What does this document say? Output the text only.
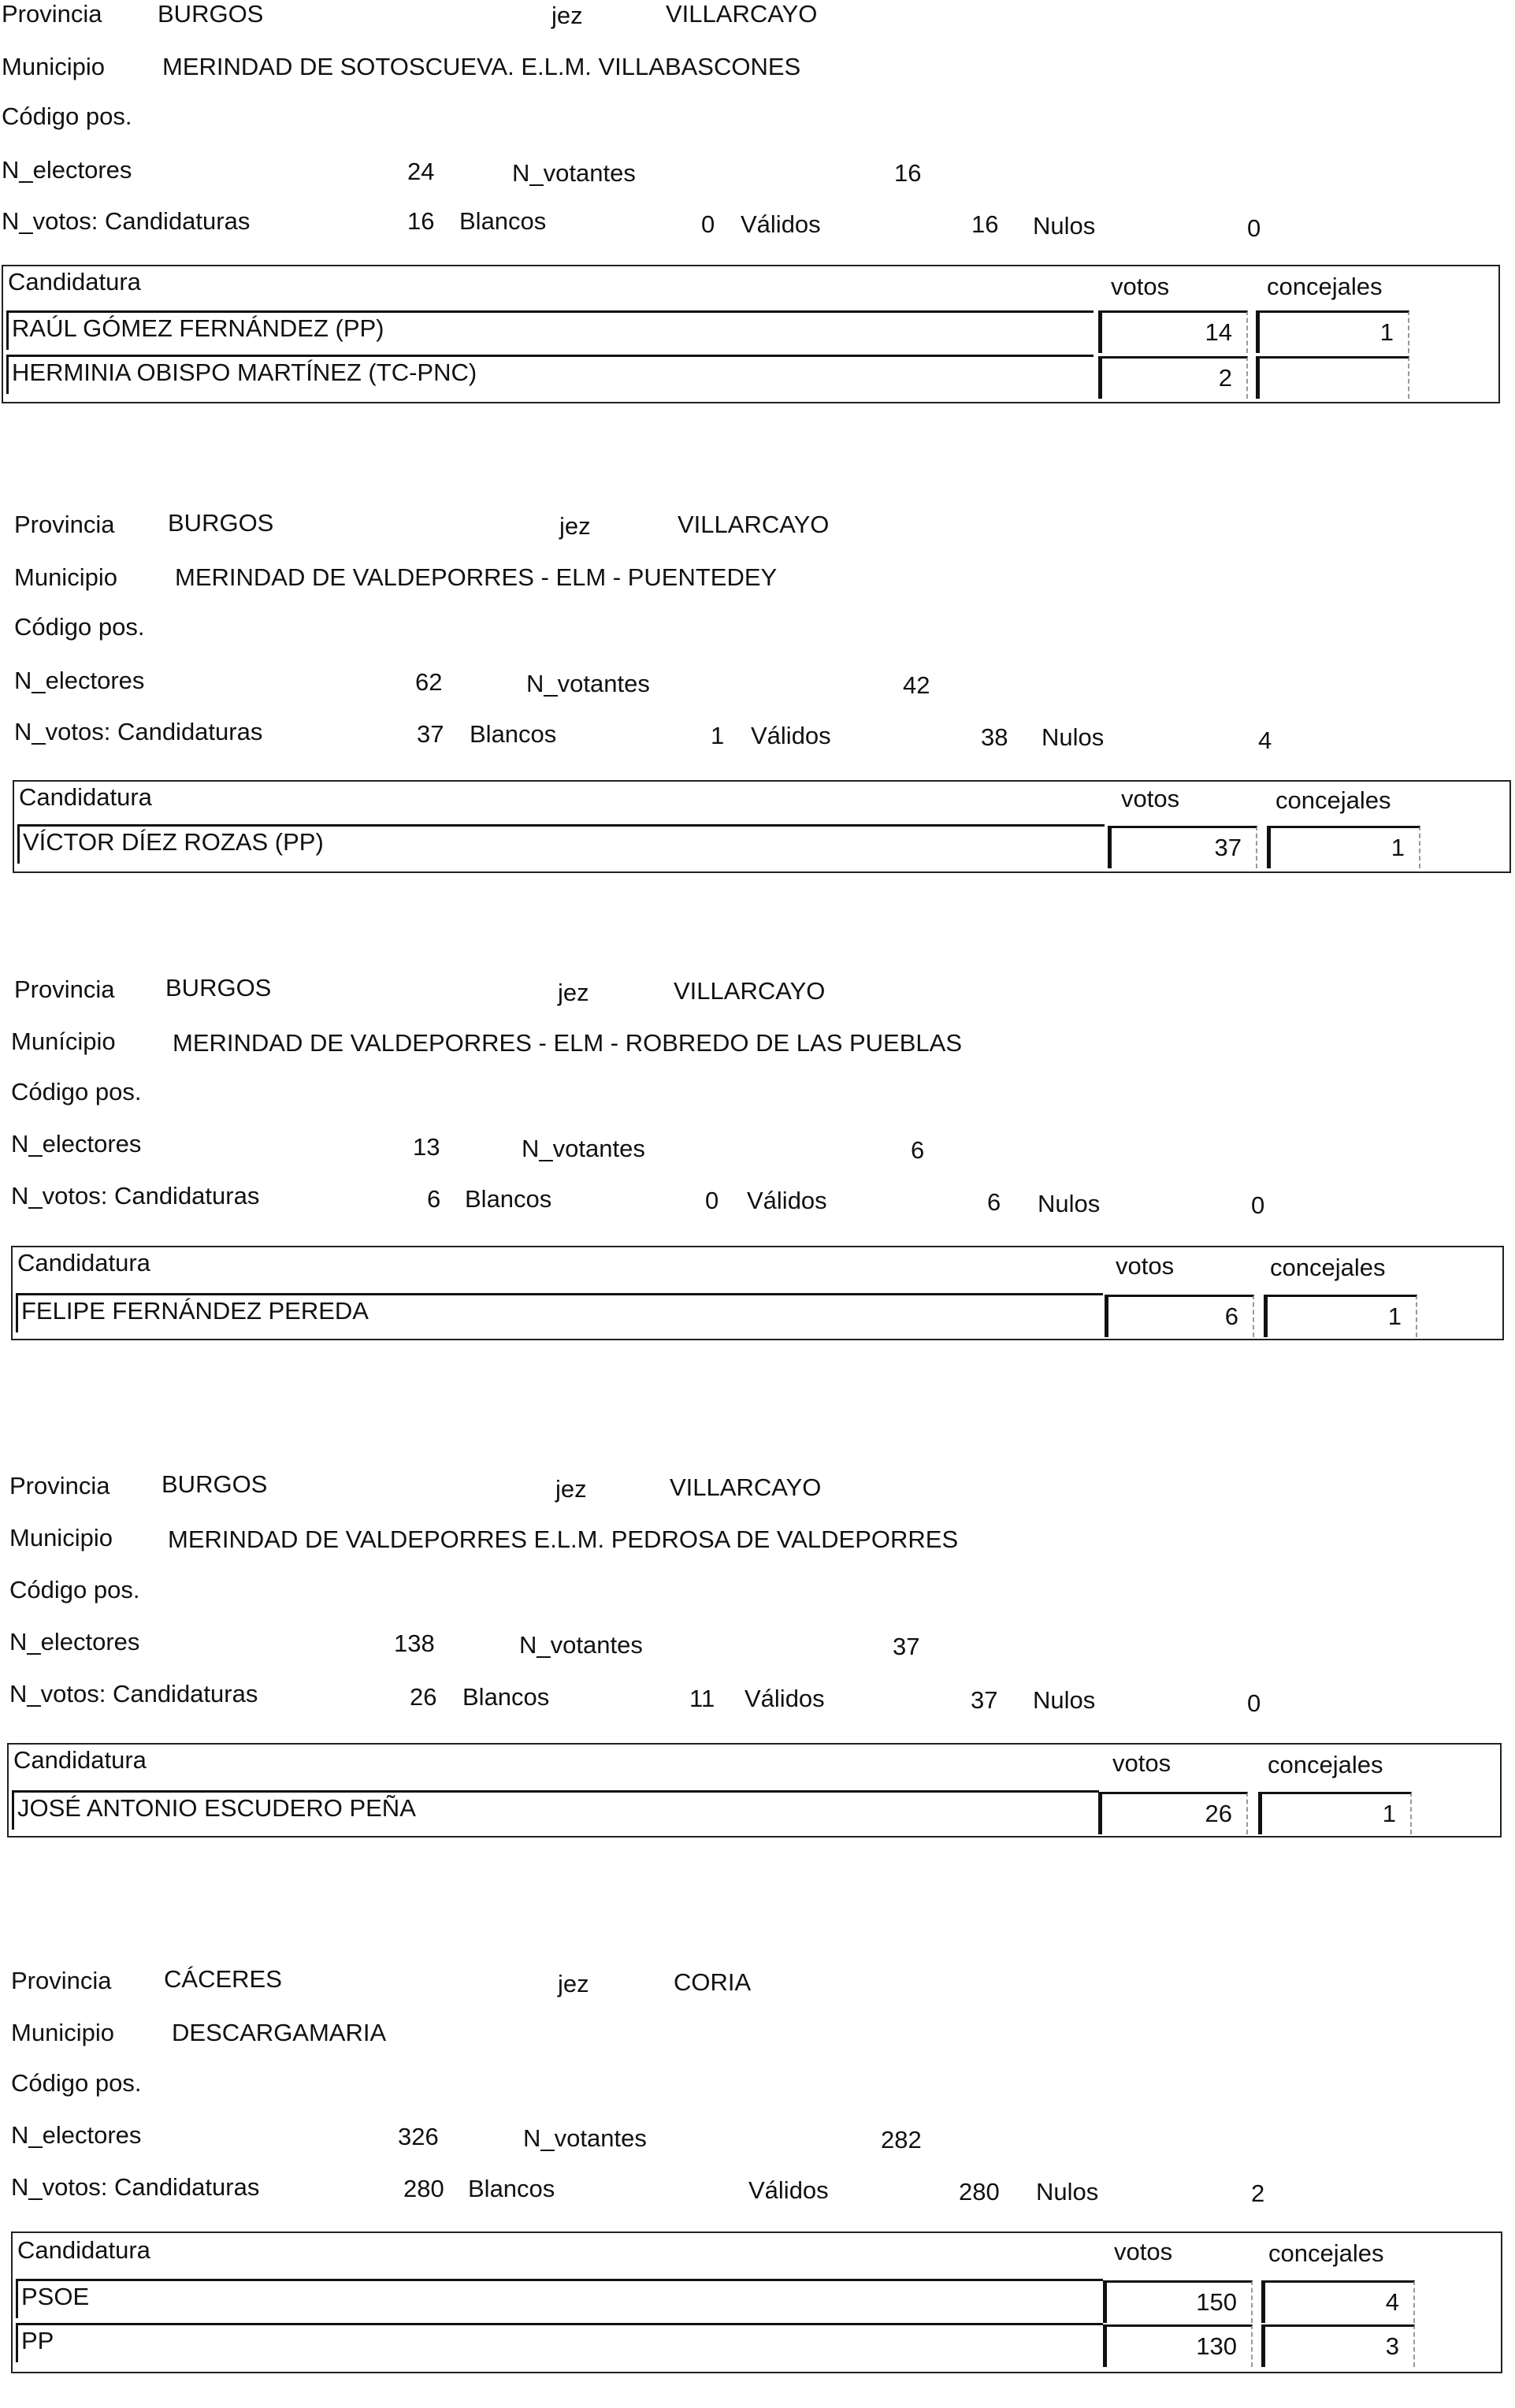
Provincia BURGOS	jez	VILLARCAYO
Municipio MERINDAD DE SOTOSCUEVA. E.L.M. VILLABASCONES
Código pos.
N_electores	24	N_votantes	16
N_votos: Candidaturas	16 Blancos	0 Válidos	16 Nulos	0
Candidatura	votos	concejales
RAÚL GÓMEZ FERNÁNDEZ (PP)	14	1
HERMINIA OBISPO MARTÍNEZ (TC-PNC)	2
Provincia BURGOS	jez	VILLARCAYO
Municipio MERINDAD DE VALDEPORRES - ELM - PUENTEDEY
Código pos.
N_electores	62	N_votantes	42
N_votos: Candidaturas	37 Blancos	1 Válidos	38 Nulos	4
Candidatura	votos	concejales
VÍCTOR DÍEZ ROZAS (PP)	37	1
Provincia BURGOS	jez	VILLARCAYO
Munícipio MERINDAD DE VALDEPORRES - ELM - ROBREDO DE LAS PUEBLAS
Código pos.
N_electores	13	N_votantes	6
N_votos: Candidaturas	6 Blancos	0 Válidos	6 Nulos	0
Candidatura	votos	concejales
FELIPE FERNÁNDEZ PEREDA	6	1
Provincia BURGOS	jez	VILLARCAYO
Municipio MERINDAD DE VALDEPORRES E.L.M. PEDROSA DE VALDEPORRES
Código pos.
N_electores	138	N_votantes	37
N_votos: Candidaturas	26 Blancos	11 Válidos	37 Nulos	0
Candidatura	votos	concejales
JOSÉ ANTONIO ESCUDERO PEÑA	26	1
Provincia CÁCERES	jez	CORIA
Municipio DESCARGAMARIA
Código pos.
N_electores	326	N_votantes	282
N_votos: Candidaturas	280 Blancos	Válidos	280 Nulos	2
Candidatura	votos	concejales
PSOE	150	4
PP	130	3
